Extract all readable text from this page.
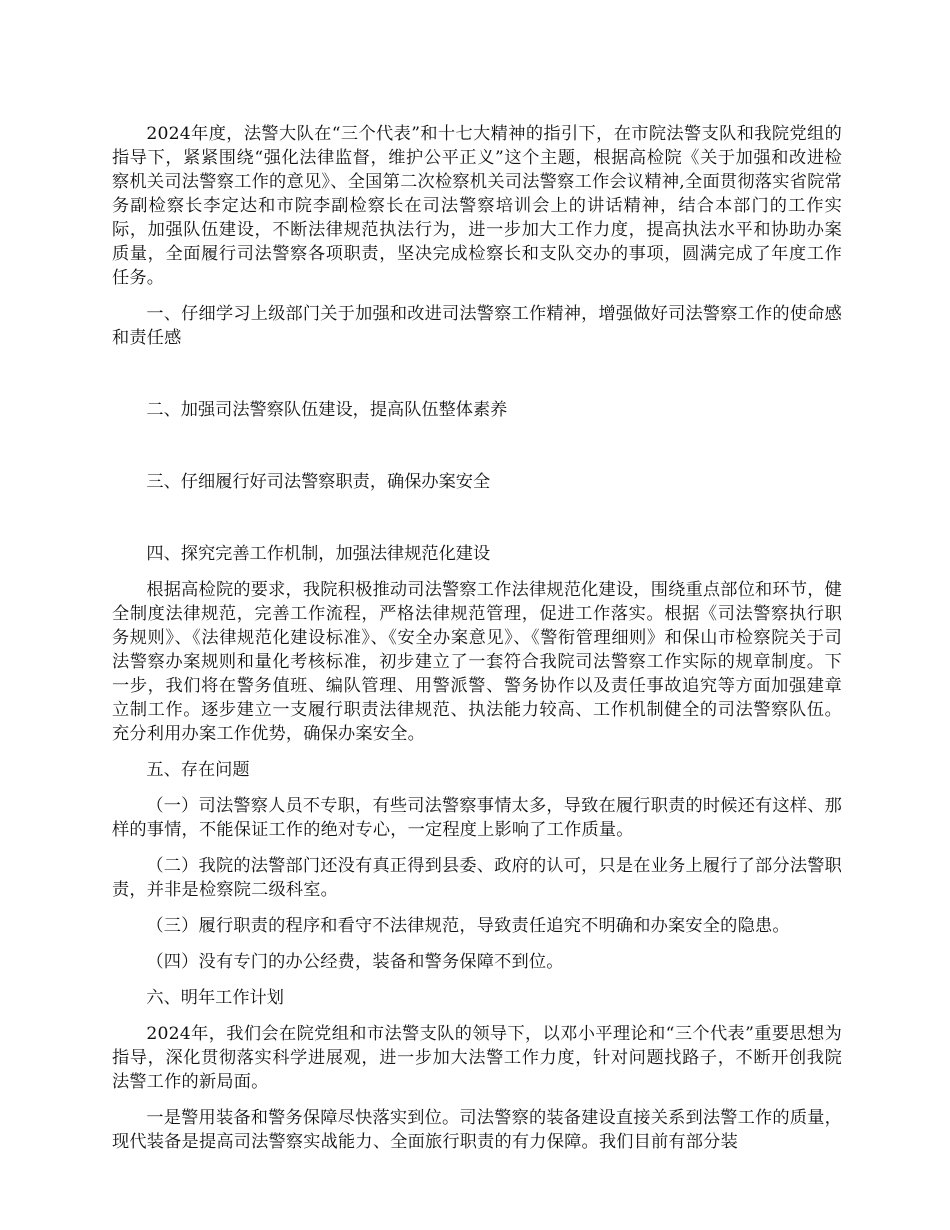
2024年度，法警大队在“三个代表”和十七大精神的指引下，在市院法警支队和我院党组的指导下，紧紧围绕“强化法律监督，维护公平正义”这个主题，根据高检院《关于加强和改进检察机关司法警察工作的意见》、全国第二次检察机关司法警察工作会议精神,全面贯彻落实省院常务副检察长李定达和市院李副检察长在司法警察培训会上的讲话精神，结合本部门的工作实际，加强队伍建设，不断法律规范执法行为，进一步加大工作力度，提高执法水平和协助办案质量，全面履行司法警察各项职责，坚决完成检察长和支队交办的事项，圆满完成了年度工作任务。

一、仔细学习上级部门关于加强和改进司法警察工作精神，增强做好司法警察工作的使命感和责任感

二、加强司法警察队伍建设，提高队伍整体素养

三、仔细履行好司法警察职责，确保办案安全

四、探究完善工作机制，加强法律规范化建设

根据高检院的要求，我院积极推动司法警察工作法律规范化建设，围绕重点部位和环节，健全制度法律规范，完善工作流程，严格法律规范管理，促进工作落实。根据《司法警察执行职务规则》、《法律规范化建设标准》、《安全办案意见》、《警衔管理细则》和保山市检察院关于司法警察办案规则和量化考核标准，初步建立了一套符合我院司法警察工作实际的规章制度。下一步，我们将在警务值班、编队管理、用警派警、警务协作以及责任事故追究等方面加强建章立制工作。逐步建立一支履行职责法律规范、执法能力较高、工作机制健全的司法警察队伍。充分利用办案工作优势，确保办案安全。

五、存在问题

（一）司法警察人员不专职，有些司法警察事情太多，导致在履行职责的时候还有这样、那样的事情，不能保证工作的绝对专心，一定程度上影响了工作质量。

（二）我院的法警部门还没有真正得到县委、政府的认可，只是在业务上履行了部分法警职责，并非是检察院二级科室。

（三）履行职责的程序和看守不法律规范，导致责任追究不明确和办案安全的隐患。

（四）没有专门的办公经费，装备和警务保障不到位。

六、明年工作计划

2024年，我们会在院党组和市法警支队的领导下，以邓小平理论和“三个代表”重要思想为指导，深化贯彻落实科学进展观，进一步加大法警工作力度，针对问题找路子，不断开创我院法警工作的新局面。

一是警用装备和警务保障尽快落实到位。司法警察的装备建设直接关系到法警工作的质量，现代装备是提高司法警察实战能力、全面旅行职责的有力保障。我们目前有部分装
